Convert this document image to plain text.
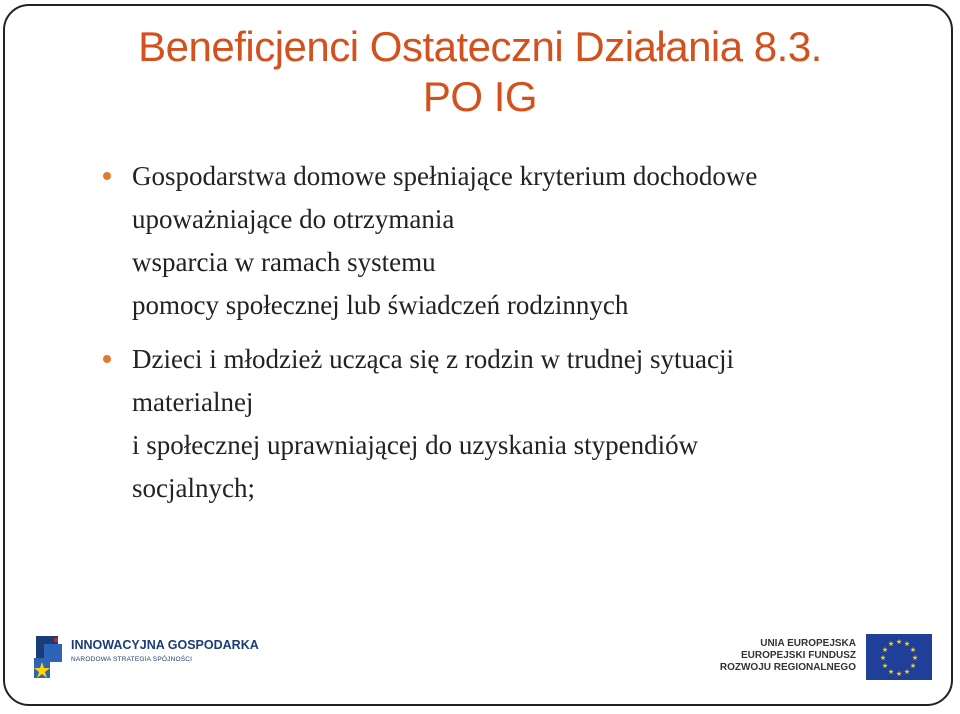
Beneficjenci Ostateczni Działania 8.3.
PO IG
Gospodarstwa domowe spełniające kryterium dochodowe
upoważniające do otrzymania
wsparcia w ramach systemu
pomocy społecznej lub świadczeń rodzinnych
Dzieci i młodzież ucząca się z rodzin w trudnej sytuacji
materialnej
i społecznej uprawniającej do uzyskania stypendiów
socjalnych;
INNOWACYJNA GOSPODARKA
NARODOWA STRATEGIA SPÓJNOŚCI
UNIA EUROPEJSKA
EUROPEJSKI FUNDUSZ
ROZWOJU REGIONALNEGO
★ ★
★
★
★
★
★
★
★
★
★
★
